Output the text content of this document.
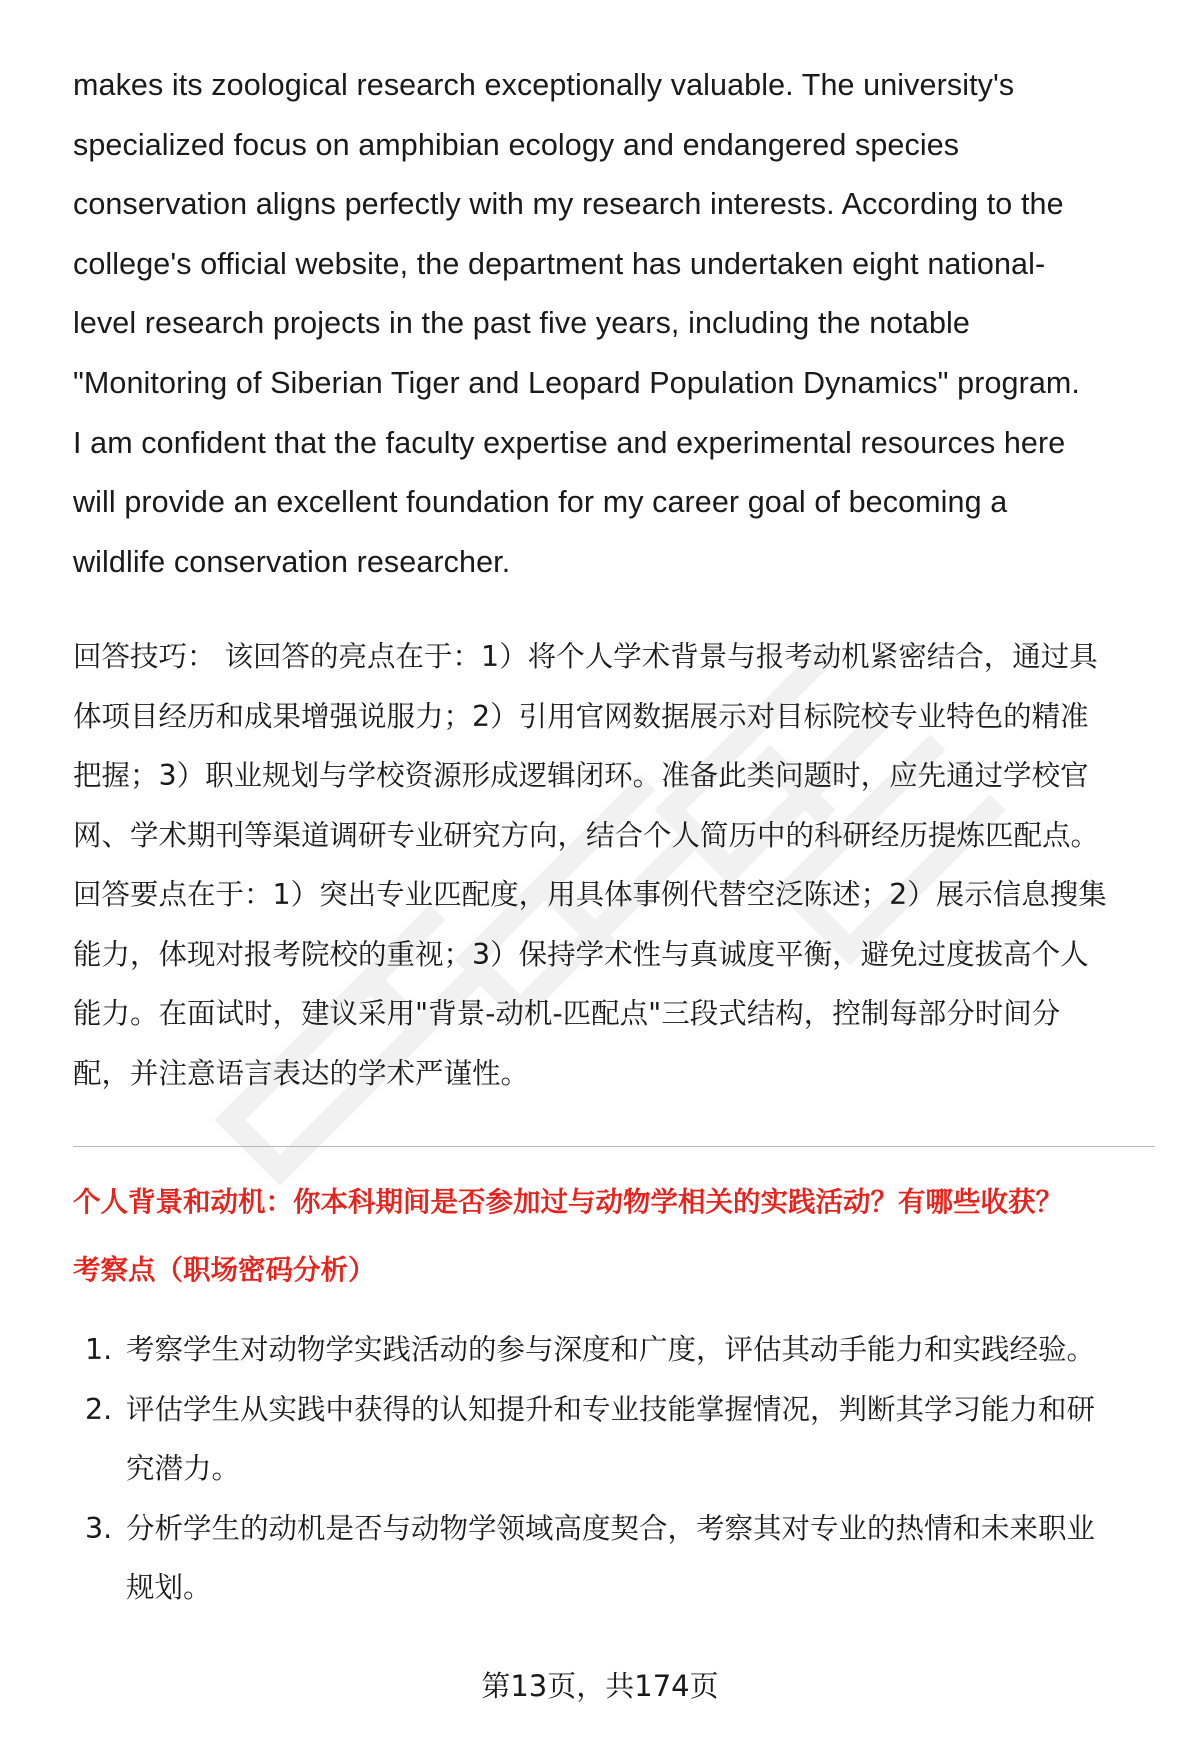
makes its zoological research exceptionally valuable. The university's
specialized focus on amphibian ecology and endangered species
conservation aligns perfectly with my research interests. According to the
college's official website, the department has undertaken eight national-
level research projects in the past five years, including the notable
"Monitoring of Siberian Tiger and Leopard Population Dynamics" program.
I am confident that the faculty expertise and experimental resources here
will provide an excellent foundation for my career goal of becoming a
wildlife conservation researcher.

回答技巧： 该回答的亮点在于：1）将个人学术背景与报考动机紧密结合，通过具
体项目经历和成果增强说服力；2）引用官网数据展示对目标院校专业特色的精准
把握；3）职业规划与学校资源形成逻辑闭环。准备此类问题时，应先通过学校官
网、学术期刊等渠道调研专业研究方向，结合个人简历中的科研经历提炼匹配点。
回答要点在于：1）突出专业匹配度，用具体事例代替空泛陈述；2）展示信息搜集
能力，体现对报考院校的重视；3）保持学术性与真诚度平衡，避免过度拔高个人
能力。在面试时，建议采用"背景-动机-匹配点"三段式结构，控制每部分时间分
配，并注意语言表达的学术严谨性。

个人背景和动机：你本科期间是否参加过与动物学相关的实践活动？有哪些收获？
考察点（职场密码分析）
1. 考察学生对动物学实践活动的参与深度和广度，评估其动手能力和实践经验。
2. 评估学生从实践中获得的认知提升和专业技能掌握情况，判断其学习能力和研
究潜力。
3. 分析学生的动机是否与动物学领域高度契合，考察其对专业的热情和未来职业
规划。
第13页，共174页
